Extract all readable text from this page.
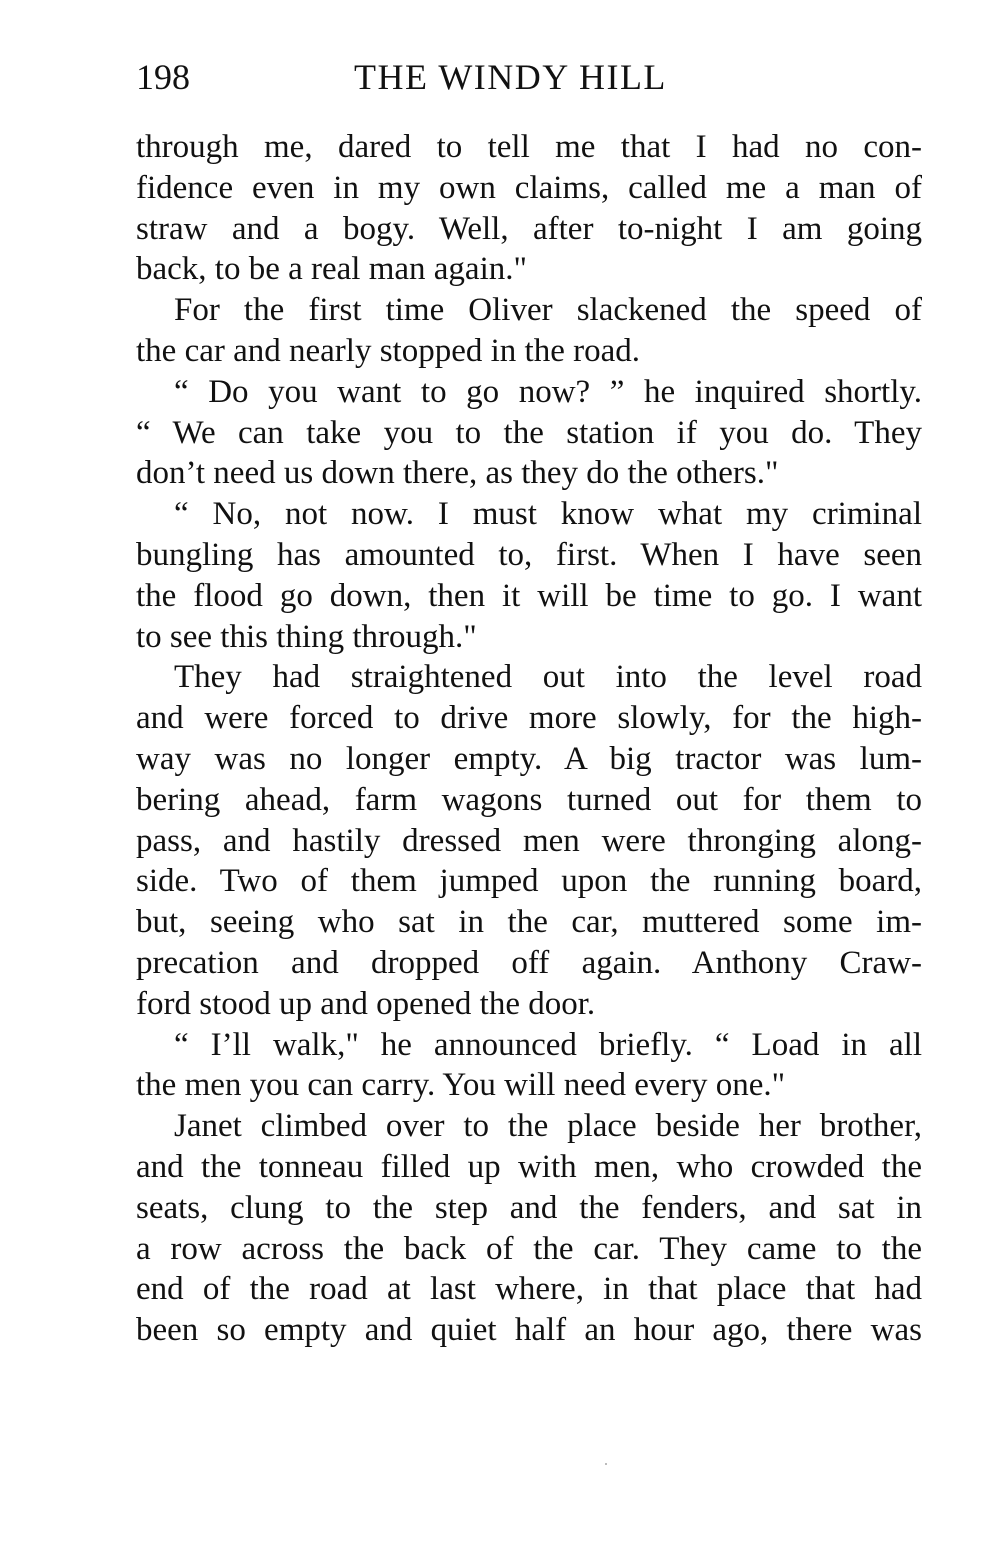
198	THE WINDY HILL
through me, dared to tell me that I had no con-
fidence even in my own claims, called me a man of
straw and a bogy. Well, after to-night I am going
back, to be a real man again."
For the first time Oliver slackened the speed of
the car and nearly stopped in the road.
“ Do you want to go now? ” he inquired shortly.
“ We can take you to the station if you do. They
don’t need us down there, as they do the others."
“ No, not now. I must know what my criminal
bungling has amounted to, first. When I have seen
the flood go down, then it will be time to go. I want
to see this thing through."
They had straightened out into the level road
and were forced to drive more slowly, for the high-
way was no longer empty. A big tractor was lum-
bering ahead, farm wagons turned out for them to
pass, and hastily dressed men were thronging along-
side. Two of them jumped upon the running board,
but, seeing who sat in the car, muttered some im-
precation and dropped off again. Anthony Craw-
ford stood up and opened the door.
“ I’ll walk," he announced briefly. “ Load in all
the men you can carry. You will need every one."
Janet climbed over to the place beside her brother,
and the tonneau filled up with men, who crowded the
seats, clung to the step and the fenders, and sat in
a row across the back of the car. They came to the
end of the road at last where, in that place that had
been so empty and quiet half an hour ago, there was
